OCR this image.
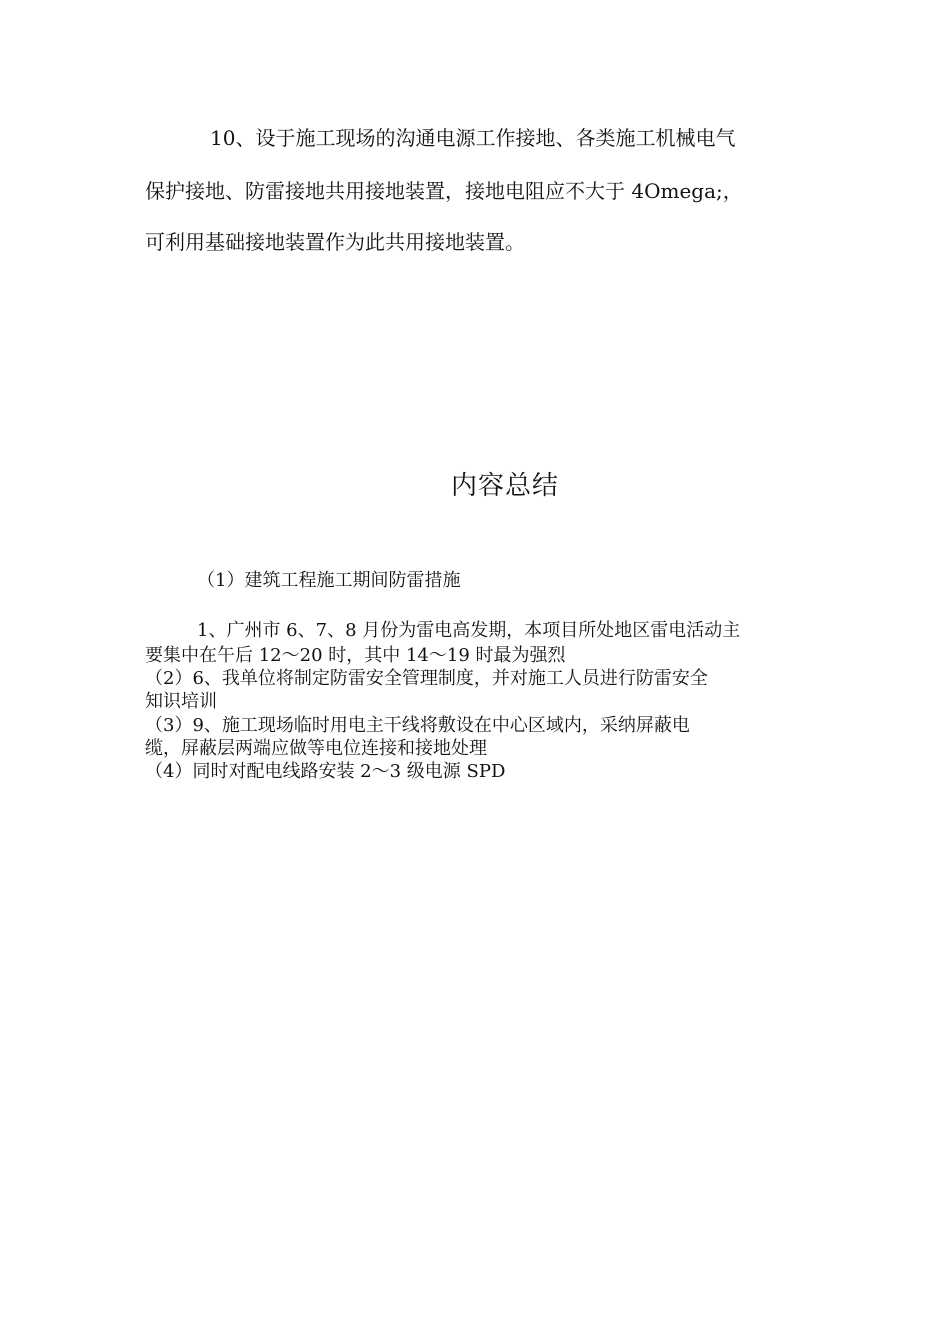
10、设于施工现场的沟通电源工作接地、各类施工机械电气
保护接地、防雷接地共用接地装置，接地电阻应不大于 4Omega;，
可利用基础接地装置作为此共用接地装置。
内容总结
（1）建筑工程施工期间防雷措施
1、广州市 6、7、8 月份为雷电高发期，本项目所处地区雷电活动主
要集中在午后 12～20 时，其中 14～19 时最为强烈
（2）6、我单位将制定防雷安全管理制度，并对施工人员进行防雷安全
知识培训
（3）9、施工现场临时用电主干线将敷设在中心区域内，采纳屏蔽电
缆，屏蔽层两端应做等电位连接和接地处理
（4）同时对配电线路安装 2～3 级电源 SPD
